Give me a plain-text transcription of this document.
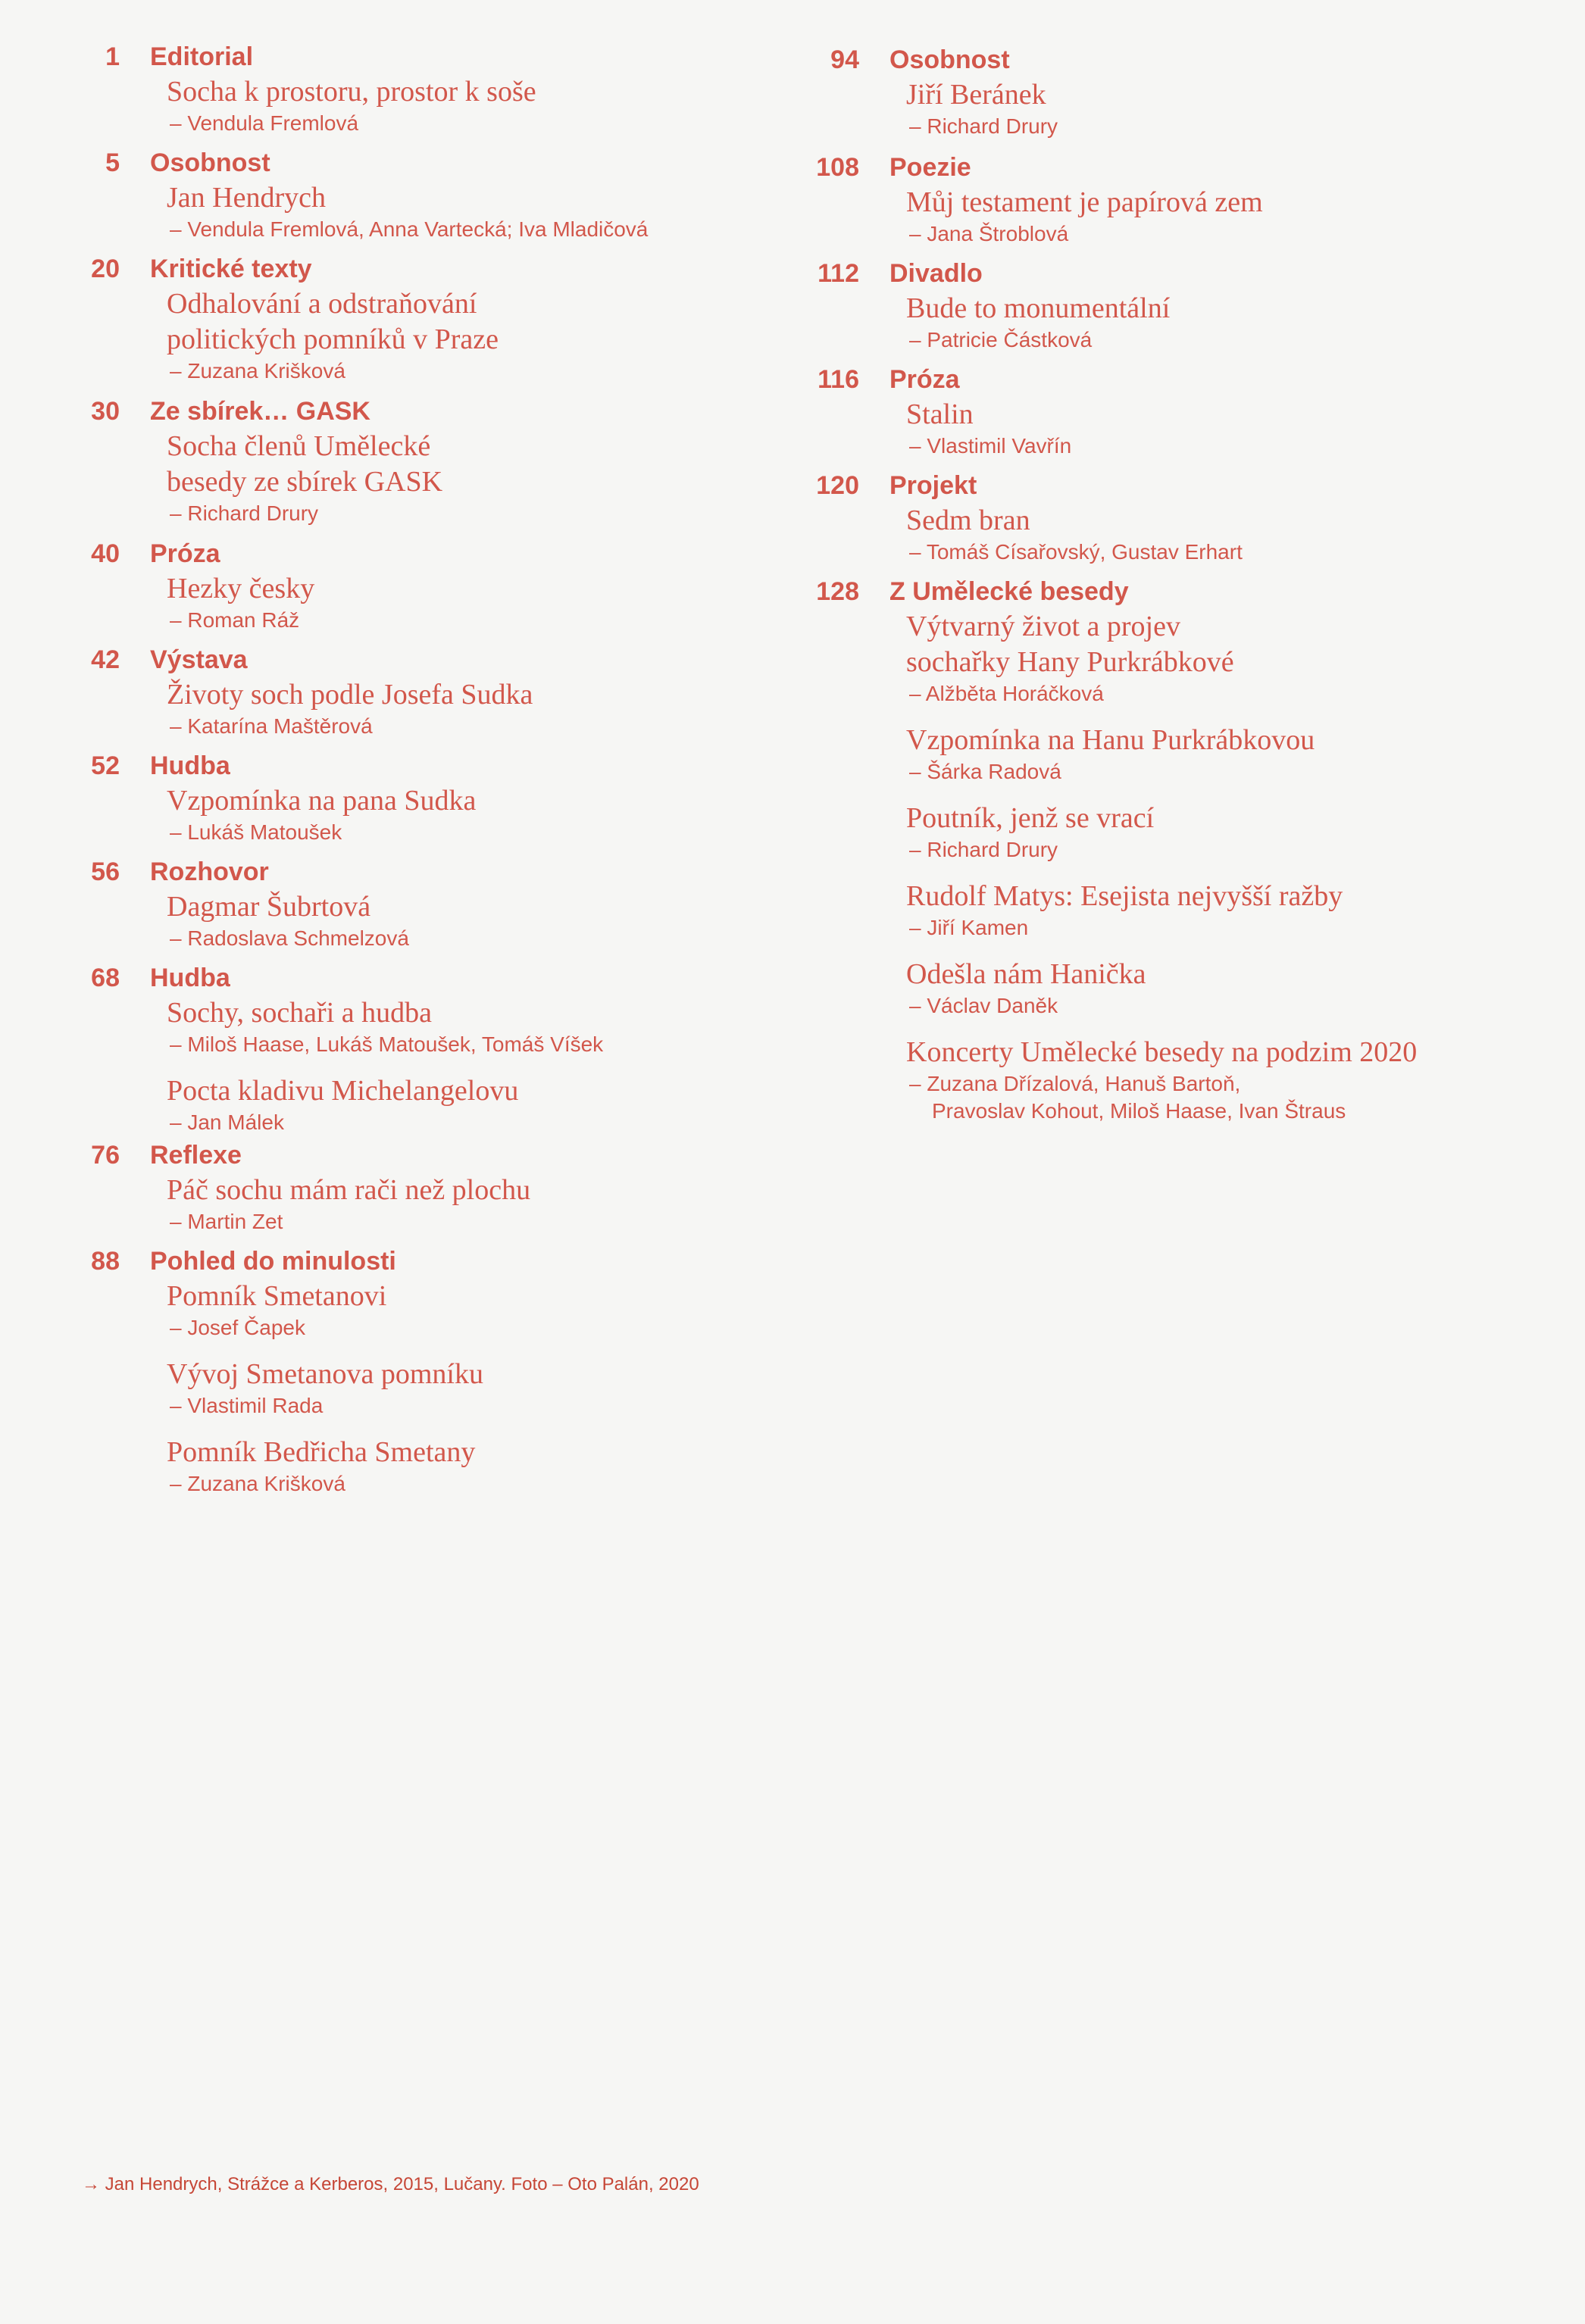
1 Editorial
Socha k prostoru, prostor k soše
– Vendula Fremlová
5 Osobnost
Jan Hendrych
– Vendula Fremlová, Anna Vartecká; Iva Mladičová
20 Kritické texty
Odhalování a odstraňování
politických pomníků v Praze
– Zuzana Krišková
30 Ze sbírek… GASK
Socha členů Umělecké
besedy ze sbírek GASK
– Richard Drury
40 Próza
Hezky česky
– Roman Ráž
42 Výstava
Životy soch podle Josefa Sudka
– Katarína Maštěrová
52 Hudba
Vzpomínka na pana Sudka
– Lukáš Matoušek
56 Rozhovor
Dagmar Šubrtová
– Radoslava Schmelzová
68 Hudba
Sochy, sochaři a hudba
– Miloš Haase, Lukáš Matoušek, Tomáš Víšek
Pocta kladivu Michelangelovu
– Jan Málek
76 Reflexe
Páč sochu mám rači než plochu
– Martin Zet
88 Pohled do minulosti
Pomník Smetanovi
– Josef Čapek
Vývoj Smetanova pomníku
– Vlastimil Rada
Pomník Bedřicha Smetany
– Zuzana Krišková
94 Osobnost
Jiří Beránek
– Richard Drury
108 Poezie
Můj testament je papírová zem
– Jana Štroblová
112 Divadlo
Bude to monumentální
– Patricie Částková
116 Próza
Stalin
– Vlastimil Vavřín
120 Projekt
Sedm bran
– Tomáš Císařovský, Gustav Erhart
128 Z Umělecké besedy
Výtvarný život a projev
sochařky Hany Purkrábkové
– Alžběta Horáčková
Vzpomínka na Hanu Purkrábkovou
– Šárka Radová
Poutník, jenž se vrací
– Richard Drury
Rudolf Matys: Esejista nejvyšší ražby
– Jiří Kamen
Odešla nám Hanička
– Václav Daněk
Koncerty Umělecké besedy na podzim 2020
– Zuzana Dřízalová, Hanuš Bartoň,
Pravoslav Kohout, Miloš Haase, Ivan Štraus
→ Jan Hendrych, Strážce a Kerberos, 2015, Lučany. Foto – Oto Palán, 2020
